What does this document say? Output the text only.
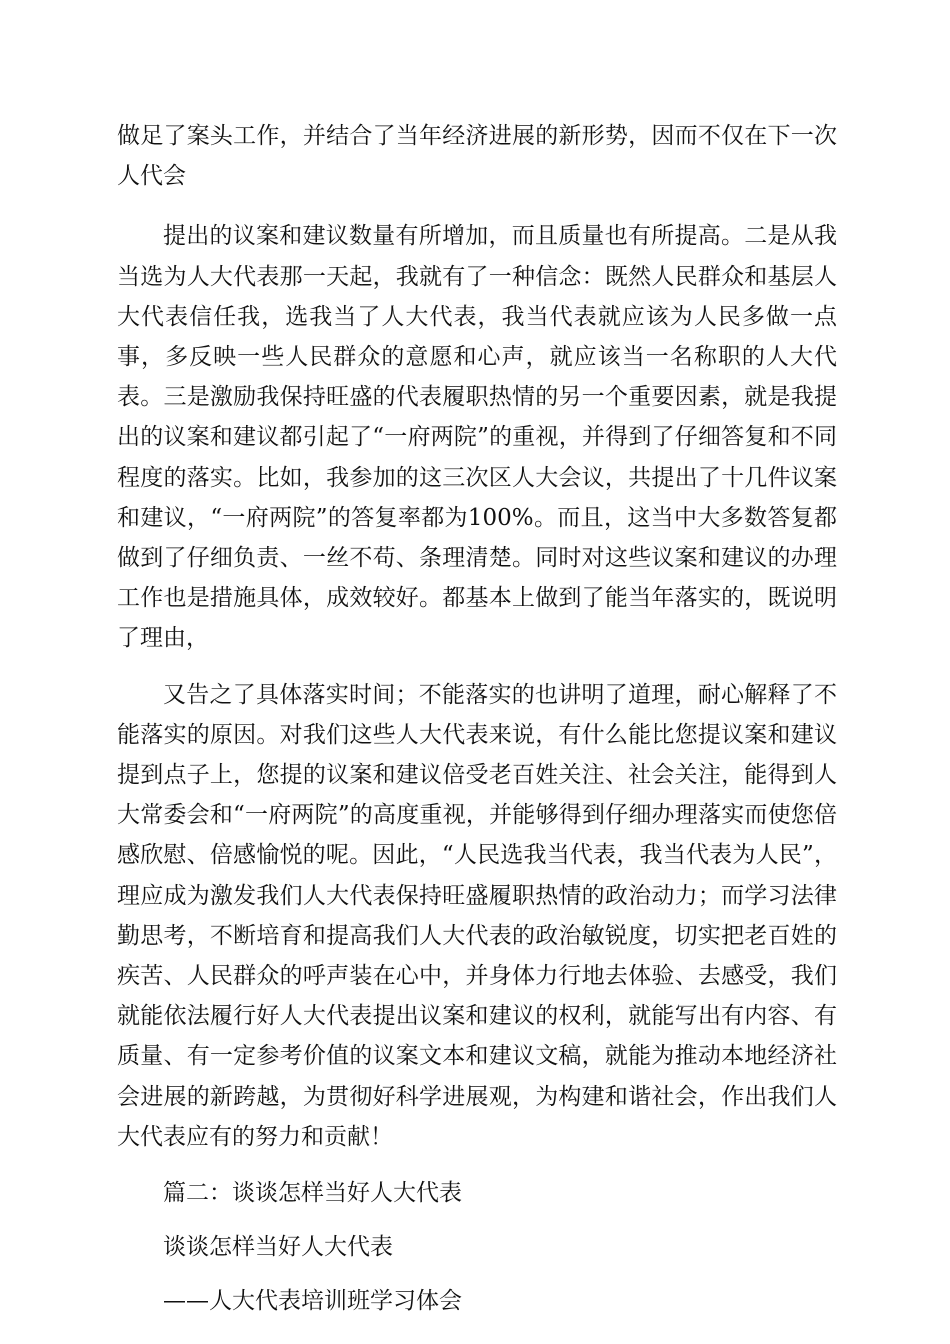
做足了案头工作，并结合了当年经济进展的新形势，因而不仅在下一次人代会

提出的议案和建议数量有所增加，而且质量也有所提高。二是从我当选为人大代表那一天起，我就有了一种信念：既然人民群众和基层人大代表信任我，选我当了人大代表，我当代表就应该为人民多做一点事，多反映一些人民群众的意愿和心声，就应该当一名称职的人大代表。三是激励我保持旺盛的代表履职热情的另一个重要因素，就是我提出的议案和建议都引起了“一府两院”的重视，并得到了仔细答复和不同程度的落实。比如，我参加的这三次区人大会议，共提出了十几件议案和建议，“一府两院”的答复率都为100%。而且，这当中大多数答复都做到了仔细负责、一丝不苟、条理清楚。同时对这些议案和建议的办理工作也是措施具体，成效较好。都基本上做到了能当年落实的，既说明了理由，

又告之了具体落实时间；不能落实的也讲明了道理，耐心解释了不能落实的原因。对我们这些人大代表来说，有什么能比您提议案和建议提到点子上，您提的议案和建议倍受老百姓关注、社会关注，能得到人大常委会和“一府两院”的高度重视，并能够得到仔细办理落实而使您倍感欣慰、倍感愉悦的呢。因此，“人民选我当代表，我当代表为人民”，理应成为激发我们人大代表保持旺盛履职热情的政治动力；而学习法律勤思考，不断培育和提高我们人大代表的政治敏锐度，切实把老百姓的疾苦、人民群众的呼声装在心中，并身体力行地去体验、去感受，我们就能依法履行好人大代表提出议案和建议的权利，就能写出有内容、有质量、有一定参考价值的议案文本和建议文稿，就能为推动本地经济社会进展的新跨越，为贯彻好科学进展观，为构建和谐社会，作出我们人大代表应有的努力和贡献！

篇二：谈谈怎样当好人大代表

谈谈怎样当好人大代表

——人大代表培训班学习体会
